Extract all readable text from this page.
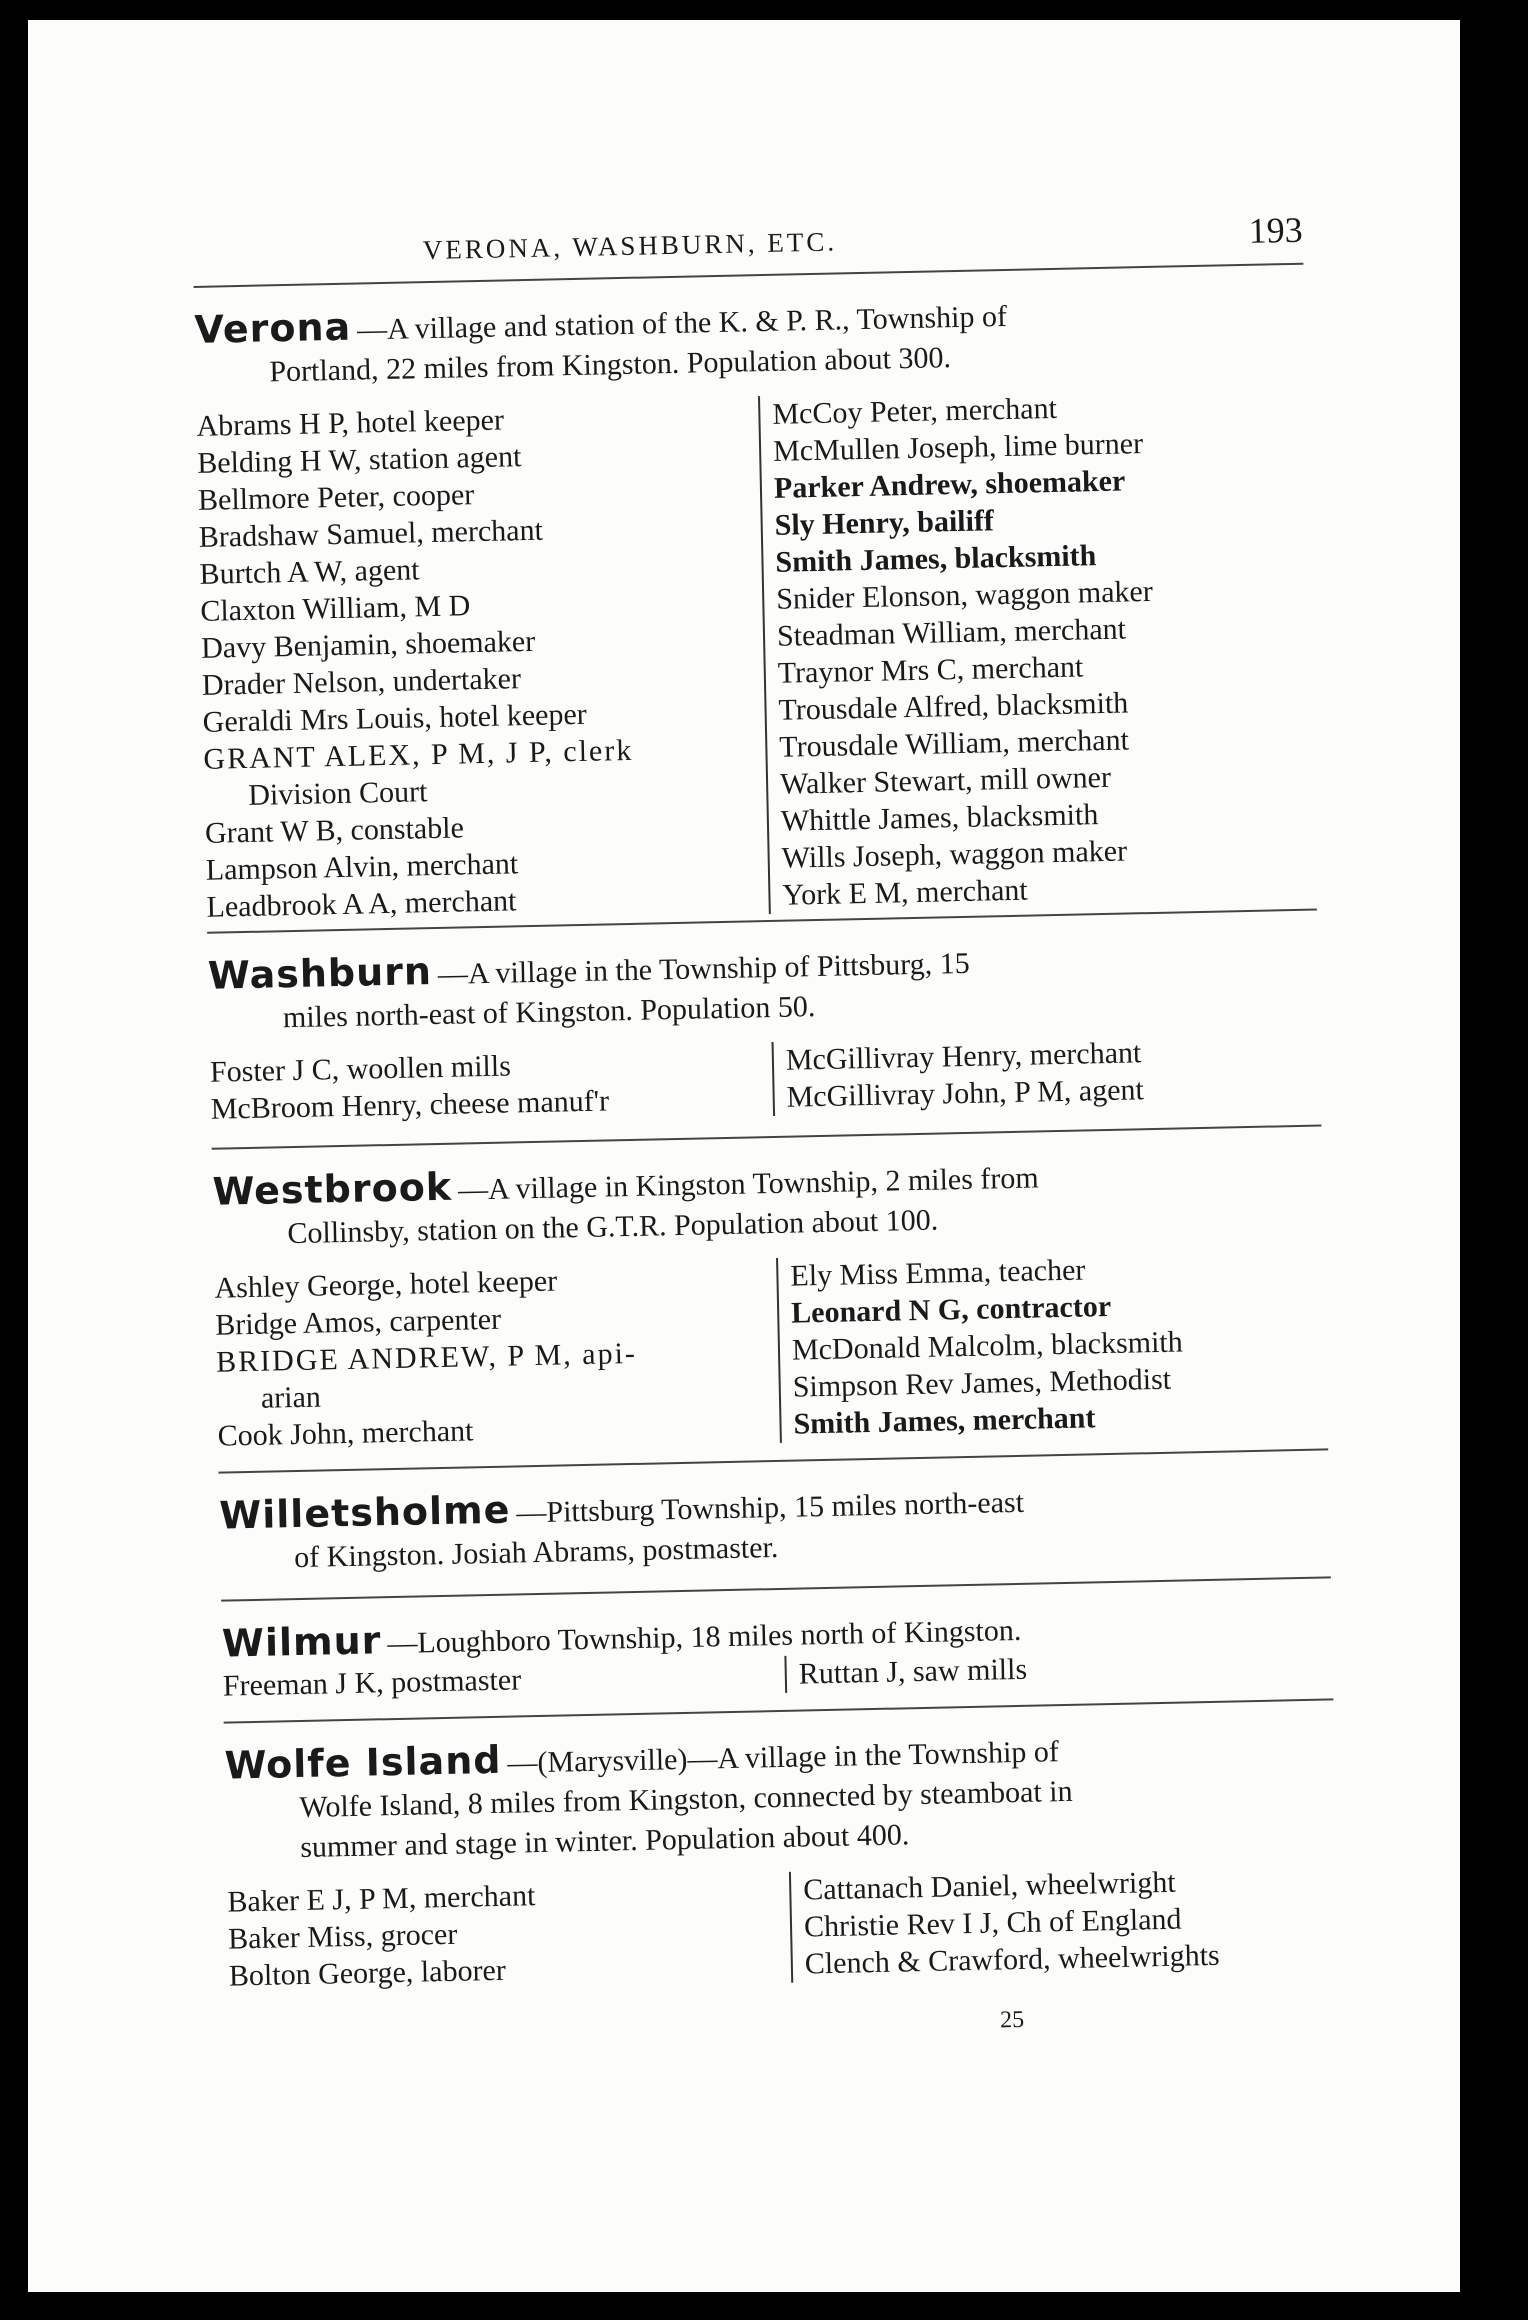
VERONA, WASHBURN, ETC.	193

Verona —A village and station of the K. & P. R., Township of

Portland, 22 miles from Kingston. Population about 300.

Abrams H P, hotel keeper
Belding H W, station agent
Bellmore Peter, cooper
Bradshaw Samuel, merchant
Burtch A W, agent
Claxton William, M D
Davy Benjamin, shoemaker
Drader Nelson, undertaker
Geraldi Mrs Louis, hotel keeper
GRANT ALEX, P M, J P, clerk
Division Court
Grant W B, constable
Lampson Alvin, merchant
Leadbrook A A, merchant
McCoy Peter, merchant
McMullen Joseph, lime burner
Parker Andrew, shoemaker
Sly Henry, bailiff
Smith James, blacksmith
Snider Elonson, waggon maker
Steadman William, merchant
Traynor Mrs C, merchant
Trousdale Alfred, blacksmith
Trousdale William, merchant
Walker Stewart, mill owner
Whittle James, blacksmith
Wills Joseph, waggon maker
York E M, merchant

Washburn —A village in the Township of Pittsburg, 15

miles north-east of Kingston. Population 50.

Foster J C, woollen mills
McBroom Henry, cheese manuf'r
McGillivray Henry, merchant
McGillivray John, P M, agent

Westbrook —A village in Kingston Township, 2 miles from

Collinsby, station on the G.T.R. Population about 100.

Ashley George, hotel keeper
Bridge Amos, carpenter
BRIDGE ANDREW, P M, api-
arian
Cook John, merchant
Ely Miss Emma, teacher
Leonard N G, contractor
McDonald Malcolm, blacksmith
Simpson Rev James, Methodist
Smith James, merchant

Willetsholme —Pittsburg Township, 15 miles north-east

of Kingston. Josiah Abrams, postmaster.

Wilmur —Loughboro Township, 18 miles north of Kingston.

Freeman J K, postmaster	Ruttan J, saw mills

Wolfe Island —(Marysville)—A village in the Township of

Wolfe Island, 8 miles from Kingston, connected by steamboat in

summer and stage in winter. Population about 400.

Baker E J, P M, merchant
Baker Miss, grocer
Bolton George, laborer
Cattanach Daniel, wheelwright
Christie Rev I J, Ch of England
Clench & Crawford, wheelwrights
25
